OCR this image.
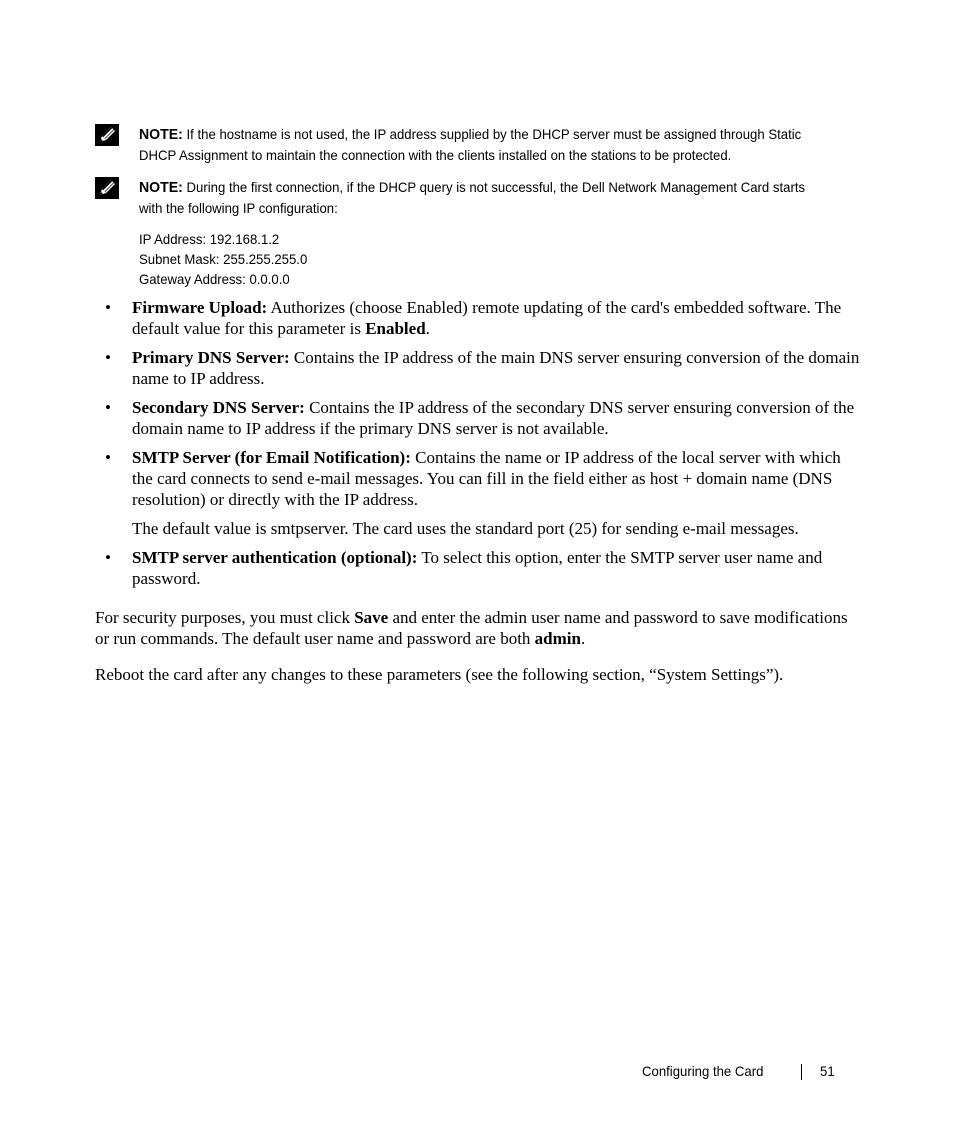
NOTE: If the hostname is not used, the IP address supplied by the DHCP server must be assigned through Static DHCP Assignment to maintain the connection with the clients installed on the stations to be protected.
NOTE: During the first connection, if the DHCP query is not successful, the Dell Network Management Card starts with the following IP configuration:
IP Address: 192.168.1.2
Subnet Mask: 255.255.255.0
Gateway Address: 0.0.0.0
• Firmware Upload: Authorizes (choose Enabled) remote updating of the card's embedded software. The default value for this parameter is Enabled.
• Primary DNS Server: Contains the IP address of the main DNS server ensuring conversion of the domain name to IP address.
• Secondary DNS Server: Contains the IP address of the secondary DNS server ensuring conversion of the domain name to IP address if the primary DNS server is not available.
• SMTP Server (for Email Notification): Contains the name or IP address of the local server with which the card connects to send e-mail messages. You can fill in the field either as host + domain name (DNS resolution) or directly with the IP address.

The default value is smtpserver. The card uses the standard port (25) for sending e-mail messages.

• SMTP server authentication (optional): To select this option, enter the SMTP server user name and password.
For security purposes, you must click Save and enter the admin user name and password to save modifications or run commands. The default user name and password are both admin.
Reboot the card after any changes to these parameters (see the following section, “System Settings”).
Configuring the Card	51
